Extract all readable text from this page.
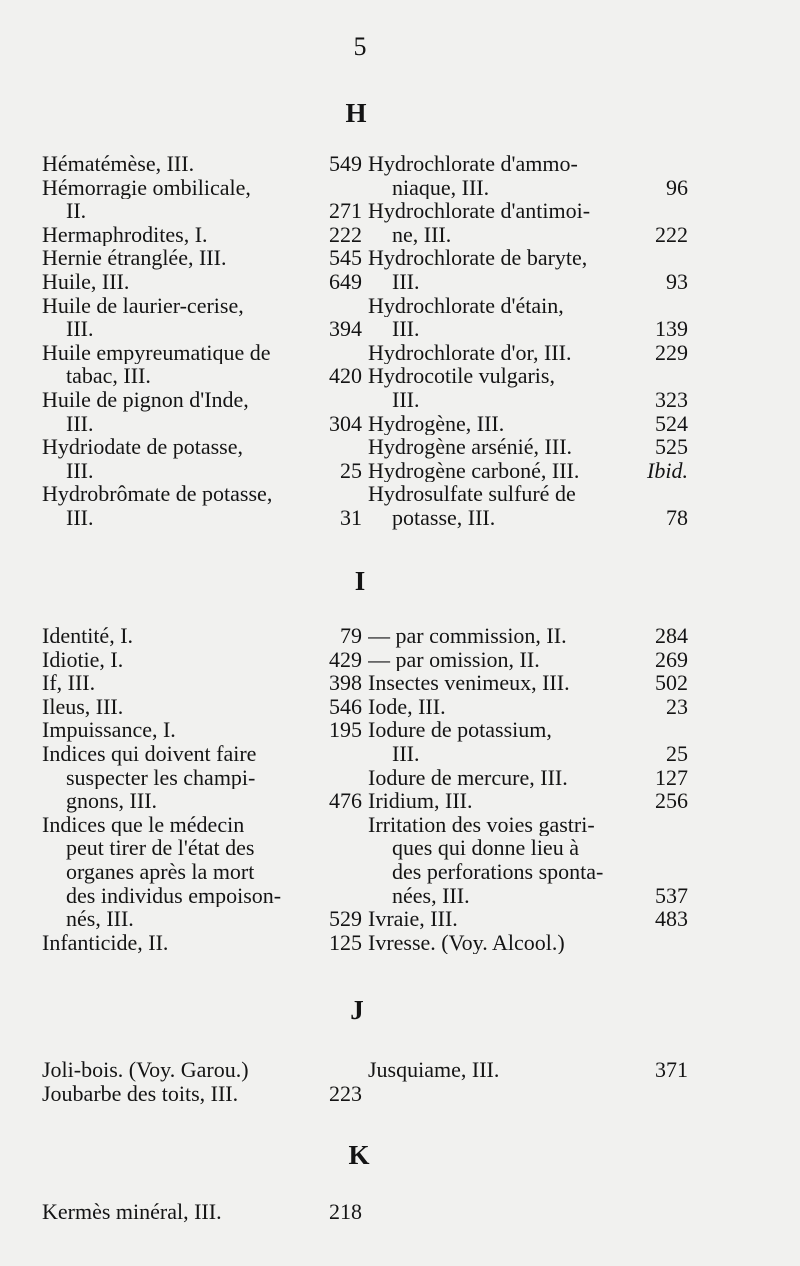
5
H
Hématémèse, III.	549
Hémorragie ombilicale,
II.	271
Hermaphrodites, I.	222
Hernie étranglée, III.	545
Huile, III.	649
Huile de laurier-cerise,
III.	394
Huile empyreumatique de
tabac, III.	420
Huile de pignon d'Inde,
III.	304
Hydriodate de potasse,
III.	25
Hydrobrômate de potasse,
III.	31
Hydrochlorate d'ammo-
niaque, III.	96
Hydrochlorate d'antimoi-
ne, III.	222
Hydrochlorate de baryte,
III.	93
Hydrochlorate d'étain,
III.	139
Hydrochlorate d'or, III.	229
Hydrocotile vulgaris,
III.	323
Hydrogène, III.	524
Hydrogène arsénié, III.	525
Hydrogène carboné, III.	Ibid.
Hydrosulfate sulfuré de
potasse, III.	78
I
Identité, I.	79
Idiotie, I.	429
If, III.	398
Ileus, III.	546
Impuissance, I.	195
Indices qui doivent faire
suspecter les champi-
gnons, III.	476
Indices que le médecin
peut tirer de l'état des
organes après la mort
des individus empoison-
nés, III.	529
Infanticide, II.	125
— par commission, II.	284
— par omission, II.	269
Insectes venimeux, III.	502
Iode, III.	23
Iodure de potassium,
III.	25
Iodure de mercure, III.	127
Iridium, III.	256
Irritation des voies gastri-
ques qui donne lieu à
des perforations sponta-
nées, III.	537
Ivraie, III.	483
Ivresse. (Voy. Alcool.)
J
Joli-bois. (Voy. Garou.)
Joubarbe des toits, III.	223
Jusquiame, III.	371
K
Kermès minéral, III.	218
